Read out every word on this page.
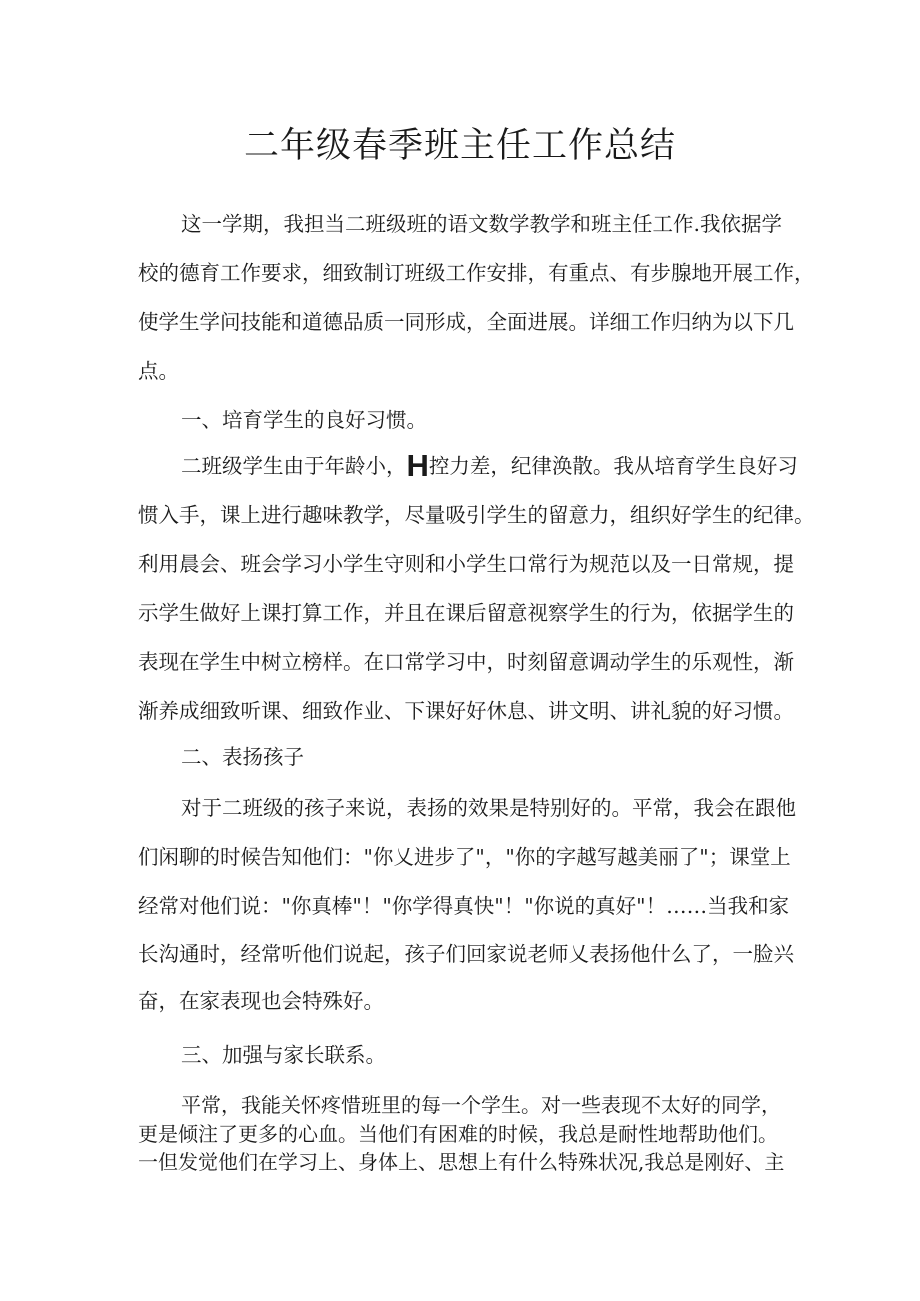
二年级春季班主任工作总结

这一学期，我担当二班级班的语文数学教学和班主任工作.我依据学

校的德育工作要求，细致制订班级工作安排，有重点、有步腺地开展工作，

使学生学问技能和道德品质一同形成，全面进展。详细工作归纳为以下几

点。

一、培育学生的良好习惯。

二班级学生由于年龄小，H控力差，纪律涣散。我从培育学生良好习

惯入手，课上进行趣味教学，尽量吸引学生的留意力，组织好学生的纪律。

利用晨会、班会学习小学生守则和小学生口常行为规范以及一日常规，提

示学生做好上课打算工作，并且在课后留意视察学生的行为，依据学生的

表现在学生中树立榜样。在口常学习中，时刻留意调动学生的乐观性，渐

渐养成细致听课、细致作业、下课好好休息、讲文明、讲礼貌的好习惯。

二、表扬孩子

对于二班级的孩子来说，表扬的效果是特别好的。平常，我会在跟他

们闲聊的时候告知他们："你乂进步了"，"你的字越写越美丽了"；课堂上

经常对他们说："你真棒"！"你学得真快"！"你说的真好"！……当我和家

长沟通时，经常听他们说起，孩子们回家说老师乂表扬他什么了，一脸兴

奋，在家表现也会特殊好。

三、加强与家长联系。

平常，我能关怀疼惜班里的每一个学生。对一些表现不太好的同学，

更是倾注了更多的心血。当他们有困难的时候，我总是耐性地帮助他们。

一但发觉他们在学习上、身体上、思想上有什么特殊状况,我总是刚好、主
